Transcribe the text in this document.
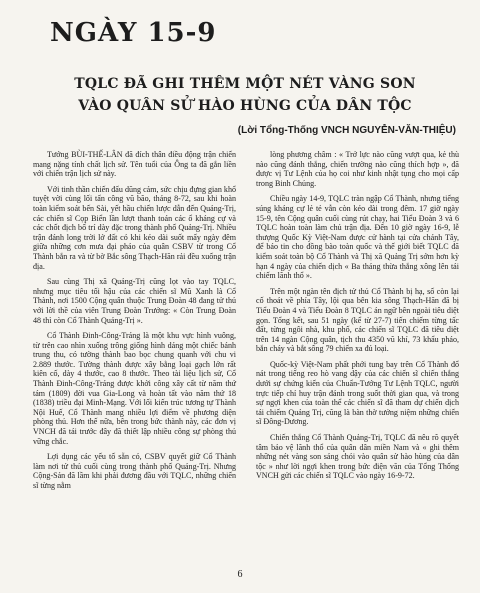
NGÀY 15-9
TQLC ĐÃ GHI THÊM MỘT NÉT VÀNG SON
VÀO QUÂN SỬ HÀO HÙNG CỦA DÂN TỘC
(Lời Tổng-Thống VNCH NGUYỄN-VĂN-THIỆU)

Tướng BÙI-THẾ-LÂN đã đích thân điều động trận chiến mang nặng tính chất lịch sử. Tên tuổi của Ông ta đã gắn liền với chiến trận lịch sử này.

Với tinh thần chiến đấu dũng cảm, sức chịu đựng gian khổ tuyệt vời cùng lối tấn công vũ bão, tháng 8-72, sau khi hoàn toàn kiểm soát bến Sài, yết hầu chiến lược dẫn đến Quảng-Trị, các chiến sĩ Cọp Biển lần lượt thanh toán các ổ kháng cự và các chốt địch bố trí dày đặc trong thành phố Quảng-Trị. Nhiều trận đánh long trời lở đất có khi kéo dài suốt mấy ngày đêm giữa những cơn mưa đại pháo của quân CSBV từ trong Cổ Thành bắn ra và từ bờ Bắc sông Thạch-Hãn rải đều xuống trận địa.

Sau cùng Thị xã Quảng-Trị cũng lọt vào tay TQLC, nhưng mục tiêu tối hậu của các chiến sĩ Mũ Xanh là Cổ Thành, nơi 1500 Cộng quân thuộc Trung Đoàn 48 đang tử thủ với lời thề của viên Trung Đoàn Trưởng: « Còn Trung Đoàn 48 thì còn Cổ Thành Quảng-Trị ».

Cổ Thành Đinh-Công-Tráng là một khu vực hình vuông, từ trên cao nhìn xuống trông giống hình dáng một chiếc bánh trung thu, có tường thành bao bọc chung quanh với chu vi 2.889 thước. Tường thành được xây bằng loại gạch lớn rất kiên cố, dày 4 thước, cao 8 thước. Theo tài liệu lịch sử, Cổ Thành Đinh-Công-Tráng được khởi công xây cất từ năm thứ tám (1809) đời vua Gia-Long và hoàn tất vào năm thứ 18 (1838) triều đại Minh-Mạng. Với lối kiến trúc tương tự Thành Nội Huế, Cổ Thành mang nhiều lợi điểm về phương diện phòng thủ. Hơn thế nữa, bên trong bức thành này, các đơn vị VNCH đã tái trước đây đã thiết lập nhiều công sự phòng thủ vững chắc.

Lợi dụng các yếu tố sẵn có, CSBV quyết giữ Cổ Thành làm nơi tử thủ cuối cùng trong thành phố Quảng-Trị. Nhưng Cộng-Sản đã lầm khi phải đương đầu với TQLC, những chiến sĩ từng nằm

lòng phương châm : « Trở lực nào cũng vượt qua, kẻ thù nào cũng đánh thắng, chiến trường nào cũng thích hợp », đã được vị Tư Lệnh của họ coi như kinh nhật tụng cho mọi cấp trong Binh Chủng.

Chiều ngày 14-9, TQLC tràn ngập Cổ Thành, nhưng tiếng súng kháng cự lẻ tẻ vẫn còn kéo dài trong đêm. 17 giờ ngày 15-9, tên Cộng quân cuối cùng rút chạy, hai Tiểu Đoàn 3 và 6 TQLC hoàn toàn làm chủ trận địa. Đến 10 giờ ngày 16-9, lễ thượng Quốc Kỳ Việt-Nam được cử hành tại cửa chánh Tây, để báo tin cho đồng bào toàn quốc và thế giới biết TQLC đã kiểm soát toàn bộ Cổ Thành và Thị xã Quảng Trị sớm hơn kỳ hạn 4 ngày của chiến dịch « Ba tháng thừa thắng xông lên tái chiếm lãnh thổ ».

Trên một ngàn tên địch tử thủ Cổ Thành bị hạ, số còn lại cố thoát về phía Tây, lội qua bên kia sông Thạch-Hãn đã bị Tiểu Đoàn 4 và Tiểu Đoàn 8 TQLC án ngữ bên ngoài tiêu diệt gọn. Tổng kết, sau 51 ngày (kể từ 27-7) tiến chiếm từng tấc đất, từng ngôi nhà, khu phố, các chiến sĩ TQLC đã tiêu diệt trên 14 ngàn Cộng quân, tịch thu 4350 vũ khí, 73 khẩu pháo, bắn cháy và bắt sống 79 chiến xa đủ loại.

Quốc-kỳ Việt-Nam phất phới tung bay trên Cổ Thành đổ nát trong tiếng reo hò vang dậy của các chiến sĩ chiến thắng dưới sự chứng kiến của Chuẩn-Tướng Tư Lệnh TQLC, người trực tiếp chỉ huy trận đánh trong suốt thời gian qua, và trong sự ngợi khen của toàn thể các chiến sĩ đã tham dự chiến dịch tái chiếm Quảng Trị, cũng là bàn thờ tưởng niệm những chiến sĩ Đông-Dương.

Chiến thắng Cổ Thành Quảng-Trị, TQLC đã nêu rõ quyết tâm bảo vệ lãnh thổ của quân dân miền Nam và « ghi thêm những nét vàng son sáng chói vào quân sử hào hùng của dân tộc » như lời ngợi khen trong bức điện văn của Tổng Thống VNCH gửi các chiến sĩ TQLC vào ngày 16-9-72.

6
